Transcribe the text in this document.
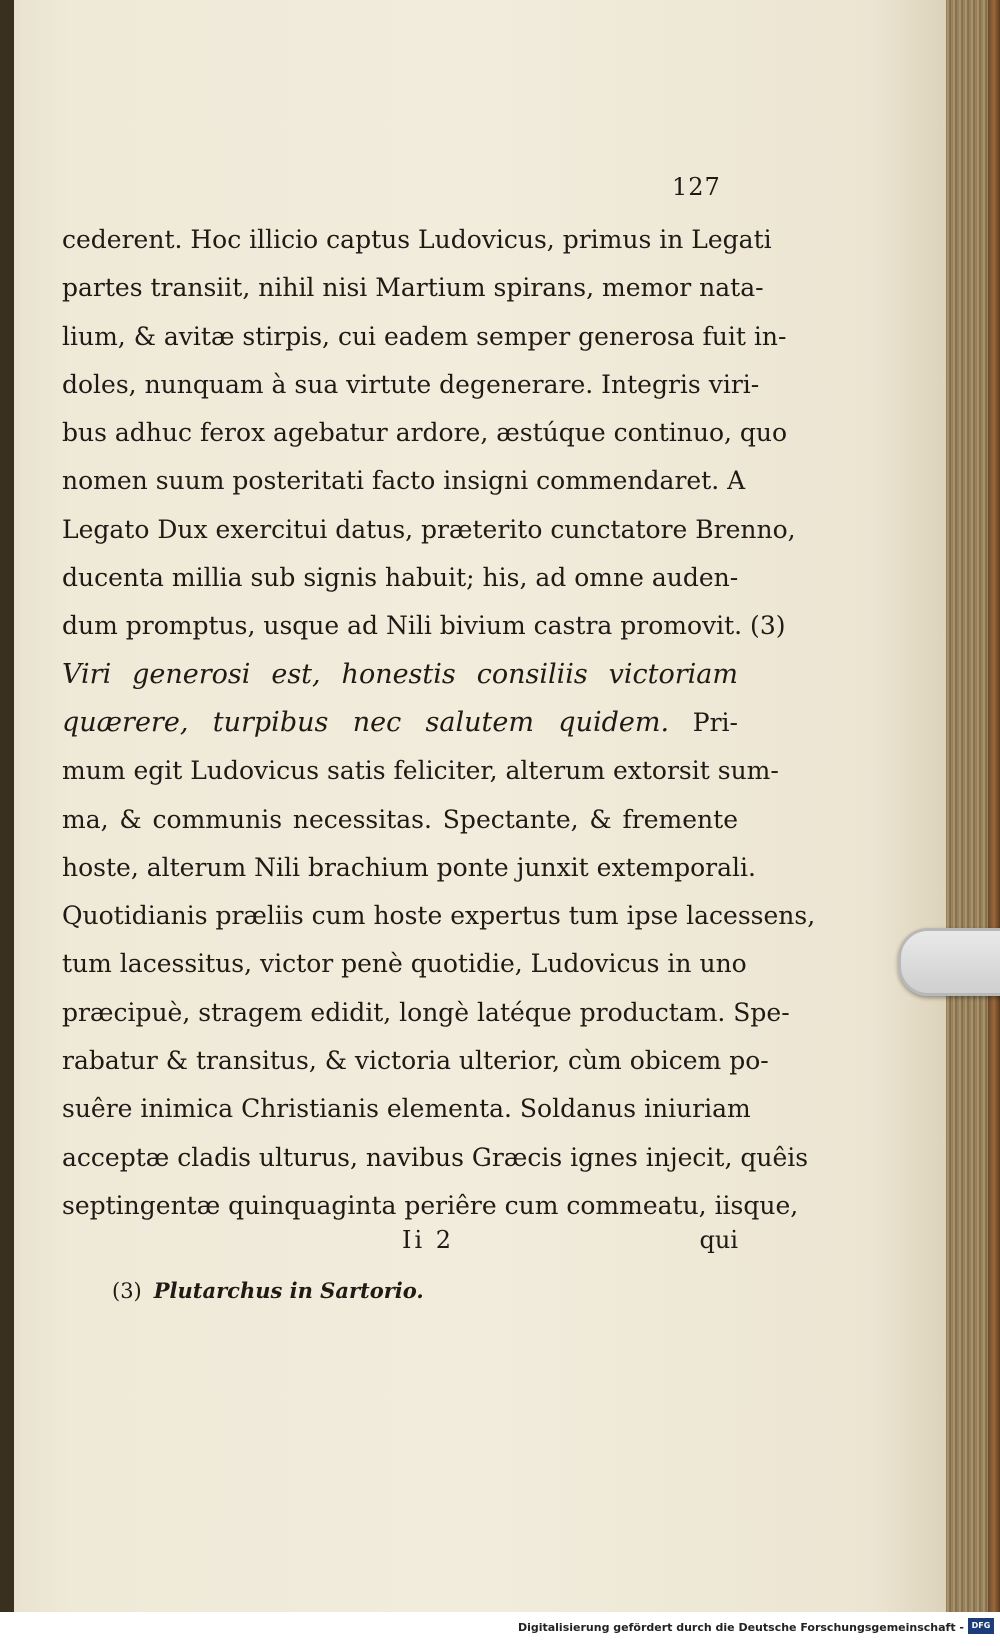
127
cederent. Hoc illicio captus Ludovicus, primus in Legati
partes transiit, nihil nisi Martium spirans, memor nata-
lium, & avitæ stirpis, cui eadem semper generosa fuit in-
doles, nunquam à sua virtute degenerare. Integris viri-
bus adhuc ferox agebatur ardore, æstúque continuo, quo
nomen suum posteritati facto insigni commendaret. A
Legato Dux exercitui datus, præterito cunctatore Brenno,
ducenta millia sub signis habuit; his, ad omne auden-
dum promptus, usque ad Nili bivium castra promovit. (3)
Viri generosi est, honestis consiliis victoriam
quærere, turpibus nec salutem quidem. Pri-
mum egit Ludovicus satis feliciter, alterum extorsit sum-
ma, & communis necessitas. Spectante, & fremente
hoste, alterum Nili brachium ponte junxit extemporali.
Quotidianis præliis cum hoste expertus tum ipse lacessens,
tum lacessitus, victor penè quotidie, Ludovicus in uno
præcipuè, stragem edidit, longè latéque productam. Spe-
rabatur & transitus, & victoria ulterior, cùm obicem po-
suêre inimica Christianis elementa. Soldanus iniuriam
acceptæ cladis ulturus, navibus Græcis ignes injecit, quêis
septingentæ quinquaginta periêre cum commeatu, iisque,
Ii 2	qui
(3) Plutarchus in Sartorio.
Digitalisierung gefördert durch die Deutsche Forschungsgemeinschaft - DFG
